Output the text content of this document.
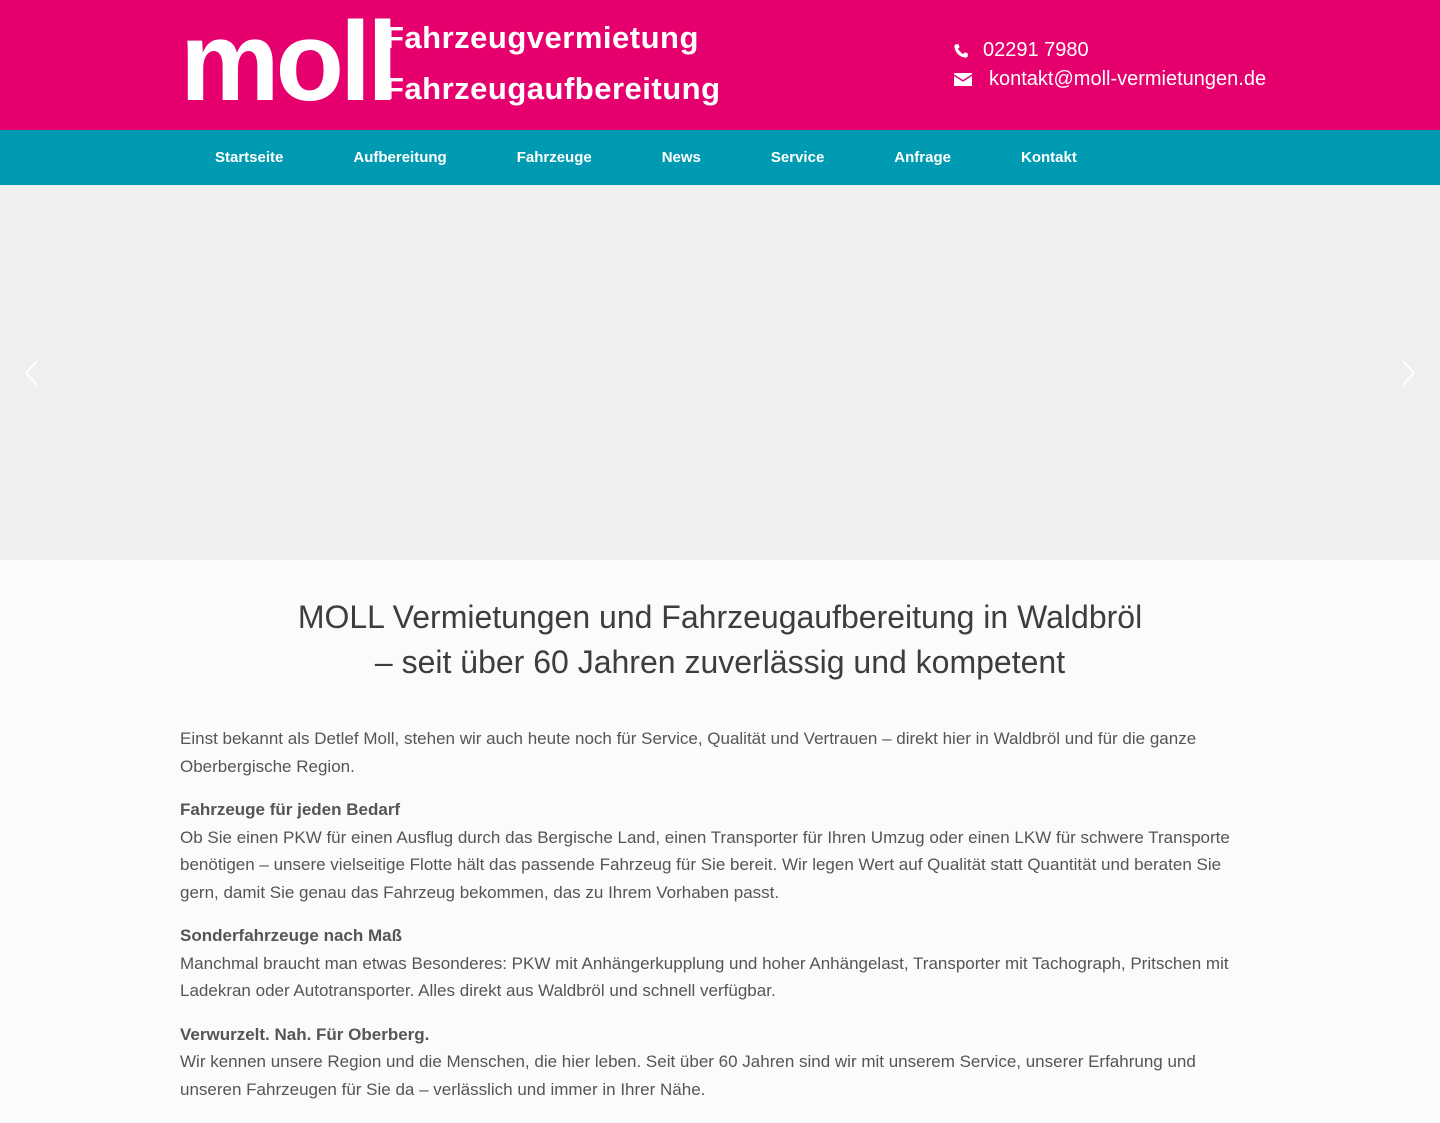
moll
Fahrzeugvermietung
Fahrzeugaufbereitung
02291 7980
kontakt@moll-vermietungen.de
Startseite	Aufbereitung	Fahrzeuge	News	Service	Anfrage	Kontakt
MOLL Vermietungen und Fahrzeugaufbereitung in Waldbröl
– seit über 60 Jahren zuverlässig und kompetent

Einst bekannt als Detlef Moll, stehen wir auch heute noch für Service, Qualität und Vertrauen – direkt hier in Waldbröl und für die ganze Oberbergische Region.

Fahrzeuge für jeden Bedarf
Ob Sie einen PKW für einen Ausflug durch das Bergische Land, einen Transporter für Ihren Umzug oder einen LKW für schwere Transporte benötigen – unsere vielseitige Flotte hält das passende Fahrzeug für Sie bereit. Wir legen Wert auf Qualität statt Quantität und beraten Sie gern, damit Sie genau das Fahrzeug bekommen, das zu Ihrem Vorhaben passt.
Sonderfahrzeuge nach Maß
Manchmal braucht man etwas Besonderes: PKW mit Anhängerkupplung und hoher Anhängelast, Transporter mit Tachograph, Pritschen mit Ladekran oder Autotransporter. Alles direkt aus Waldbröl und schnell verfügbar.
Verwurzelt. Nah. Für Oberberg.
Wir kennen unsere Region und die Menschen, die hier leben. Seit über 60 Jahren sind wir mit unserem Service, unserer Erfahrung und unseren Fahrzeugen für Sie da – verlässlich und immer in Ihrer Nähe.
